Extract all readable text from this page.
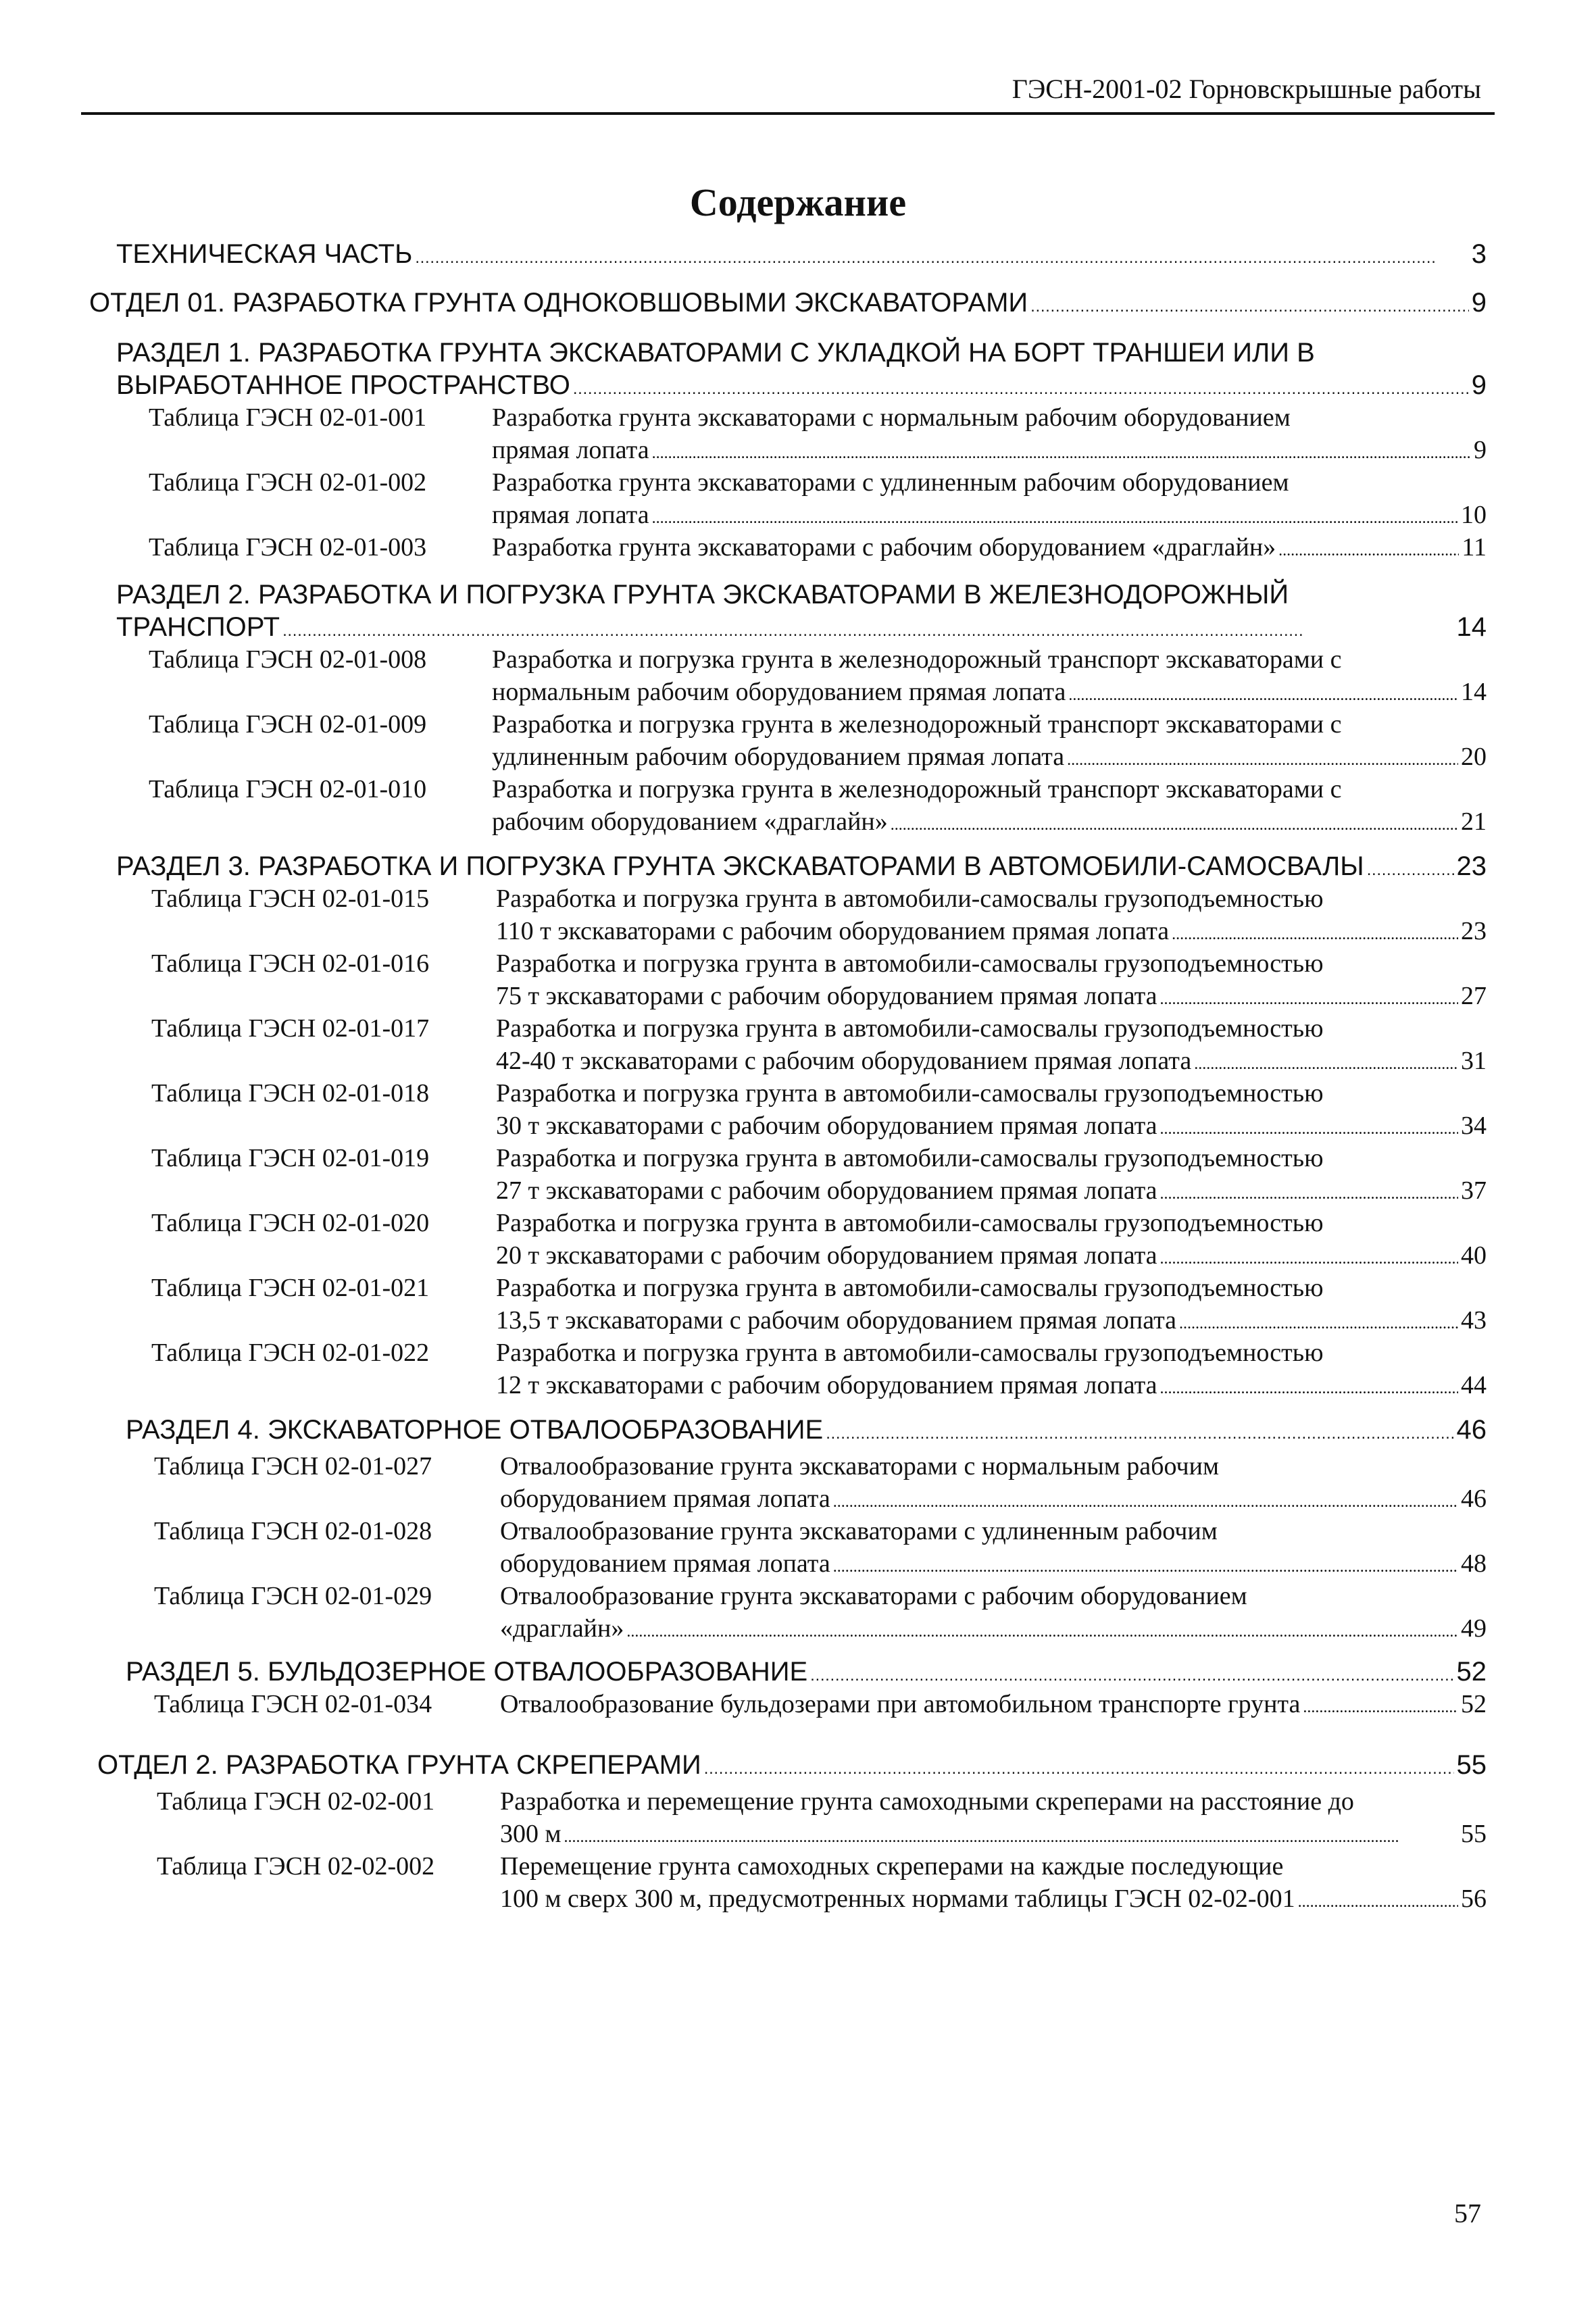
ГЭСН-2001-02 Горновскрышные работы
Содержание
ТЕХНИЧЕСКАЯ ЧАСТЬ . . .	3
ОТДЕЛ 01. РАЗРАБОТКА ГРУНТА ОДНОКОВШОВЫМИ ЭКСКАВАТОРАМИ . . .	9
РАЗДЕЛ 1. РАЗРАБОТКА ГРУНТА ЭКСКАВАТОРАМИ С УКЛАДКОЙ НА БОРТ ТРАНШЕИ ИЛИ В
ВЫРАБОТАННОЕ ПРОСТРАНСТВО . . .	9
Таблица ГЭСН 02-01-001	Разработка грунта экскаваторами с нормальным рабочим оборудованием
прямая лопата . . .	9
Таблица ГЭСН 02-01-002	Разработка грунта экскаваторами с удлиненным рабочим оборудованием
прямая лопата . . .	10
Таблица ГЭСН 02-01-003	Разработка грунта экскаваторами с рабочим оборудованием «драглайн» . . .	11
РАЗДЕЛ 2. РАЗРАБОТКА И ПОГРУЗКА ГРУНТА ЭКСКАВАТОРАМИ В ЖЕЛЕЗНОДОРОЖНЫЙ
ТРАНСПОРТ . . .	14
Таблица ГЭСН 02-01-008	Разработка и погрузка грунта в железнодорожный транспорт экскаваторами с
нормальным рабочим оборудованием прямая лопата . . .	14
Таблица ГЭСН 02-01-009	Разработка и погрузка грунта в железнодорожный транспорт экскаваторами с
удлиненным рабочим оборудованием прямая лопата . . .	20
Таблица ГЭСН 02-01-010	Разработка и погрузка грунта в железнодорожный транспорт экскаваторами с
рабочим оборудованием «драглайн» . . .	21
РАЗДЕЛ 3. РАЗРАБОТКА И ПОГРУЗКА ГРУНТА ЭКСКАВАТОРАМИ В АВТОМОБИЛИ-САМОСВАЛЫ . . .	23
Таблица ГЭСН 02-01-015	Разработка и погрузка грунта в автомобили-самосвалы грузоподъемностью
110 т экскаваторами с рабочим оборудованием прямая лопата . . .	23
Таблица ГЭСН 02-01-016	Разработка и погрузка грунта в автомобили-самосвалы грузоподъемностью
75 т экскаваторами с рабочим оборудованием прямая лопата . . .	27
Таблица ГЭСН 02-01-017	Разработка и погрузка грунта в автомобили-самосвалы грузоподъемностью
42-40 т экскаваторами с рабочим оборудованием прямая лопата . . .	31
Таблица ГЭСН 02-01-018	Разработка и погрузка грунта в автомобили-самосвалы грузоподъемностью
30 т экскаваторами с рабочим оборудованием прямая лопата . . .	34
Таблица ГЭСН 02-01-019	Разработка и погрузка грунта в автомобили-самосвалы грузоподъемностью
27 т экскаваторами с рабочим оборудованием прямая лопата . . .	37
Таблица ГЭСН 02-01-020	Разработка и погрузка грунта в автомобили-самосвалы грузоподъемностью
20 т экскаваторами с рабочим оборудованием прямая лопата . . .	40
Таблица ГЭСН 02-01-021	Разработка и погрузка грунта в автомобили-самосвалы грузоподъемностью
13,5 т экскаваторами с рабочим оборудованием прямая лопата . . .	43
Таблица ГЭСН 02-01-022	Разработка и погрузка грунта в автомобили-самосвалы грузоподъемностью
12 т экскаваторами с рабочим оборудованием прямая лопата . . .	44
РАЗДЕЛ 4. ЭКСКАВАТОРНОЕ ОТВАЛООБРАЗОВАНИЕ . . .	46
Таблица ГЭСН 02-01-027	Отвалообразование грунта экскаваторами с нормальным рабочим
оборудованием прямая лопата . . .	46
Таблица ГЭСН 02-01-028	Отвалообразование грунта экскаваторами с удлиненным рабочим
оборудованием прямая лопата . . .	48
Таблица ГЭСН 02-01-029	Отвалообразование грунта экскаваторами с рабочим оборудованием
«драглайн» . . .	49
РАЗДЕЛ 5. БУЛЬДОЗЕРНОЕ ОТВАЛООБРАЗОВАНИЕ . . .	52
Таблица ГЭСН 02-01-034	Отвалообразование бульдозерами при автомобильном транспорте грунта . . .	52
ОТДЕЛ 2. РАЗРАБОТКА ГРУНТА СКРЕПЕРАМИ . . .	55
Таблица ГЭСН 02-02-001	Разработка и перемещение грунта самоходными скреперами на расстояние до
300 м . . .	55
Таблица ГЭСН 02-02-002	Перемещение грунта самоходных скреперами на каждые последующие
100 м сверх 300 м, предусмотренных нормами таблицы ГЭСН 02-02-001 . . .	56
57
